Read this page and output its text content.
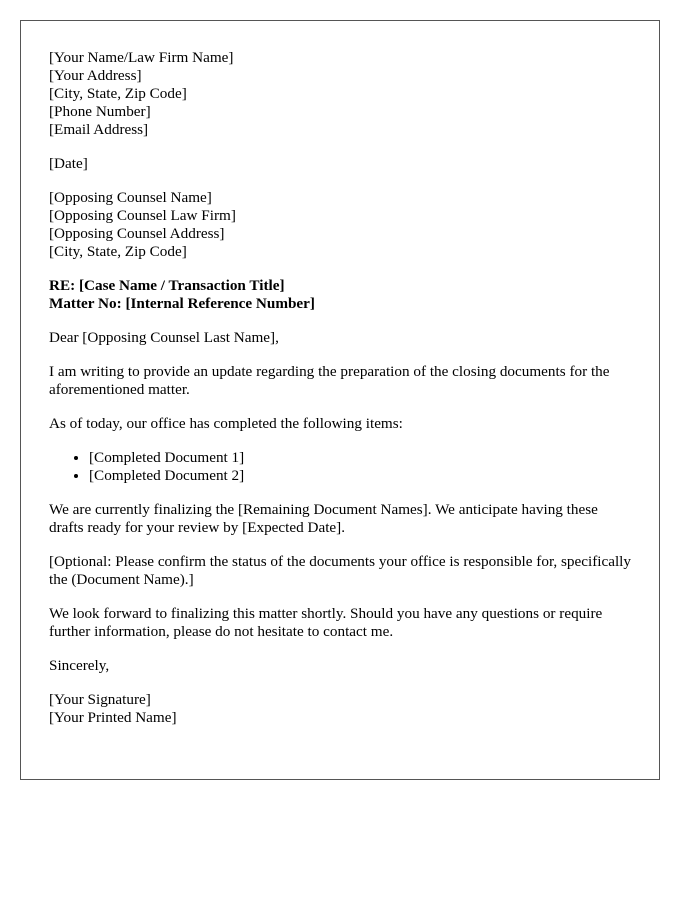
[Your Name/Law Firm Name]
[Your Address]
[City, State, Zip Code]
[Phone Number]
[Email Address]
[Date]
[Opposing Counsel Name]
[Opposing Counsel Law Firm]
[Opposing Counsel Address]
[City, State, Zip Code]
RE: [Case Name / Transaction Title]
Matter No: [Internal Reference Number]

Dear [Opposing Counsel Last Name],

I am writing to provide an update regarding the preparation of the closing documents for the aforementioned matter.

As of today, our office has completed the following items:

• [Completed Document 1]
• [Completed Document 2]

We are currently finalizing the [Remaining Document Names]. We anticipate having these drafts ready for your review by [Expected Date].

[Optional: Please confirm the status of the documents your office is responsible for, specifically the (Document Name).]

We look forward to finalizing this matter shortly. Should you have any questions or require further information, please do not hesitate to contact me.

Sincerely,

[Your Signature]
[Your Printed Name]
